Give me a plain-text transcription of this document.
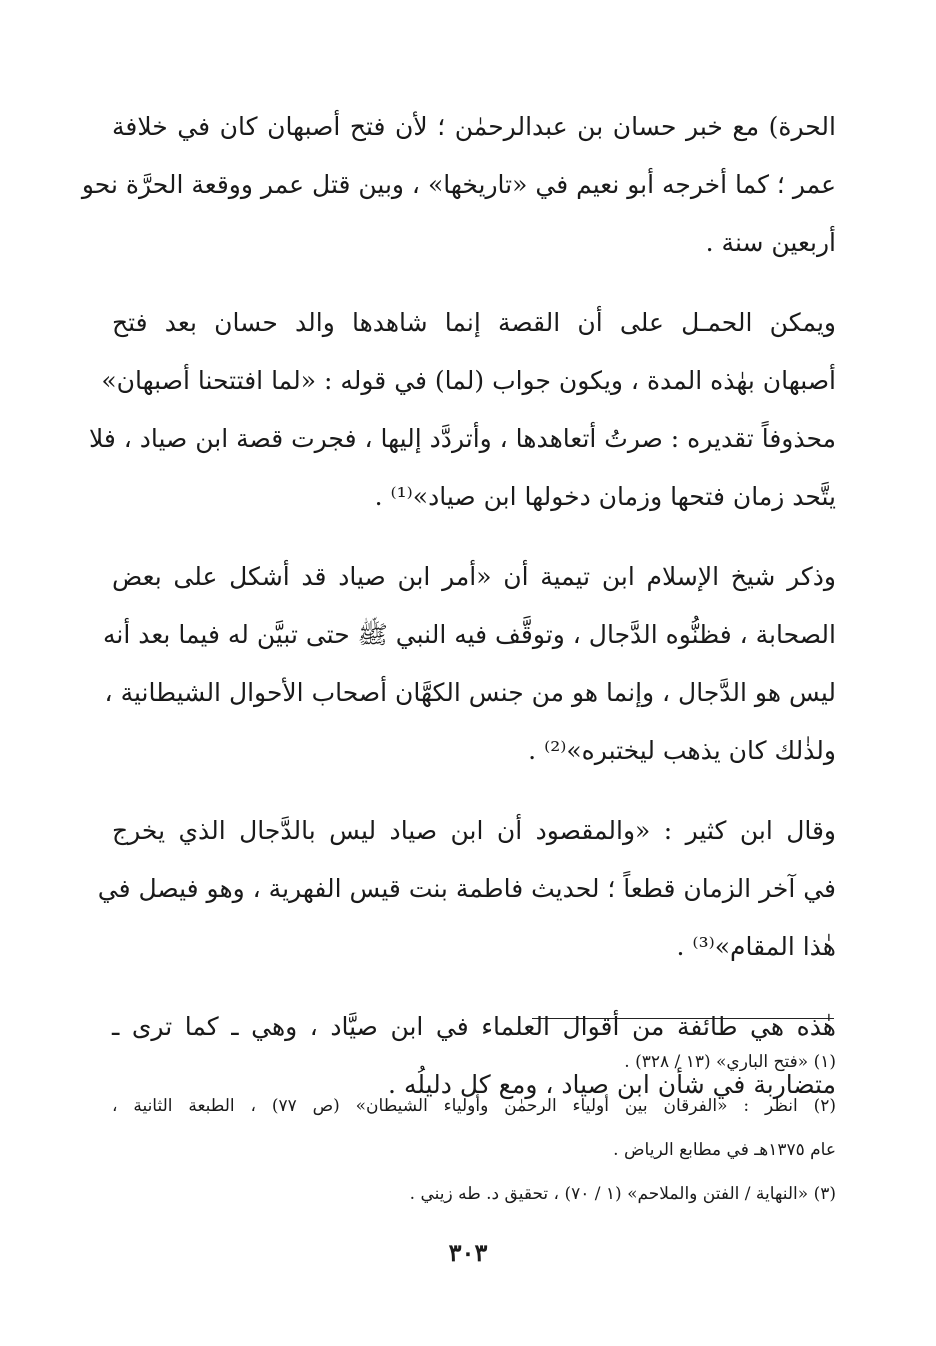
الحرة) مع خبر حسان بن عبدالرحمٰن ؛ لأن فتح أصبهان كان في خلافة
عمر ؛ كما أخرجه أبو نعيم في «تاريخها» ، وبين قتل عمر ووقعة الحرَّة نحو
أربعين سنة .
ويمكن الحمـل على أن القصة إنما شاهدها والد حسان بعد فتح
أصبهان بهٰذه المدة ، ويكون جواب (لما) في قوله : «لما افتتحنا أصبهان»
محذوفاً تقديره : صرتُ أتعاهدها ، وأتردَّد إليها ، فجرت قصة ابن صياد ، فلا
يتَّحد زمان فتحها وزمان دخولها ابن صياد»⁽¹⁾ .
وذكر شيخ الإسلام ابن تيمية أن «أمر ابن صياد قد أشكل على بعض
الصحابة ، فظنُّوه الدَّجال ، وتوقَّف فيه النبي ﷺ حتى تبيَّن له فيما بعد أنه
ليس هو الدَّجال ، وإنما هو من جنس الكهَّان أصحاب الأحوال الشيطانية ،
ولذٰلك كان يذهب ليختبره»⁽²⁾ .
وقال ابن كثير : «والمقصود أن ابن صياد ليس بالدَّجال الذي يخرج
في آخر الزمان قطعاً ؛ لحديث فاطمة بنت قيس الفهرية ، وهو فيصل في
هٰذا المقام»⁽³⁾ .
هٰذه هي طائفة من أقوال العلماء في ابن صيَّاد ، وهي ـ كما ترى ـ
متضاربة في شأن ابن صياد ، ومع كل دليلُه .
(١) «فتح الباري» (١٣ / ٣٢٨) .
(٢) انظر : «الفرقان بين أولياء الرحمٰن وأولياء الشيطان» (ص ٧٧) ، الطبعة الثانية ،
عام ١٣٧٥هـ في مطابع الرياض .
(٣) «النهاية / الفتن والملاحم» (١ / ٧٠) ، تحقيق د. طه زيني .
٣٠٣
